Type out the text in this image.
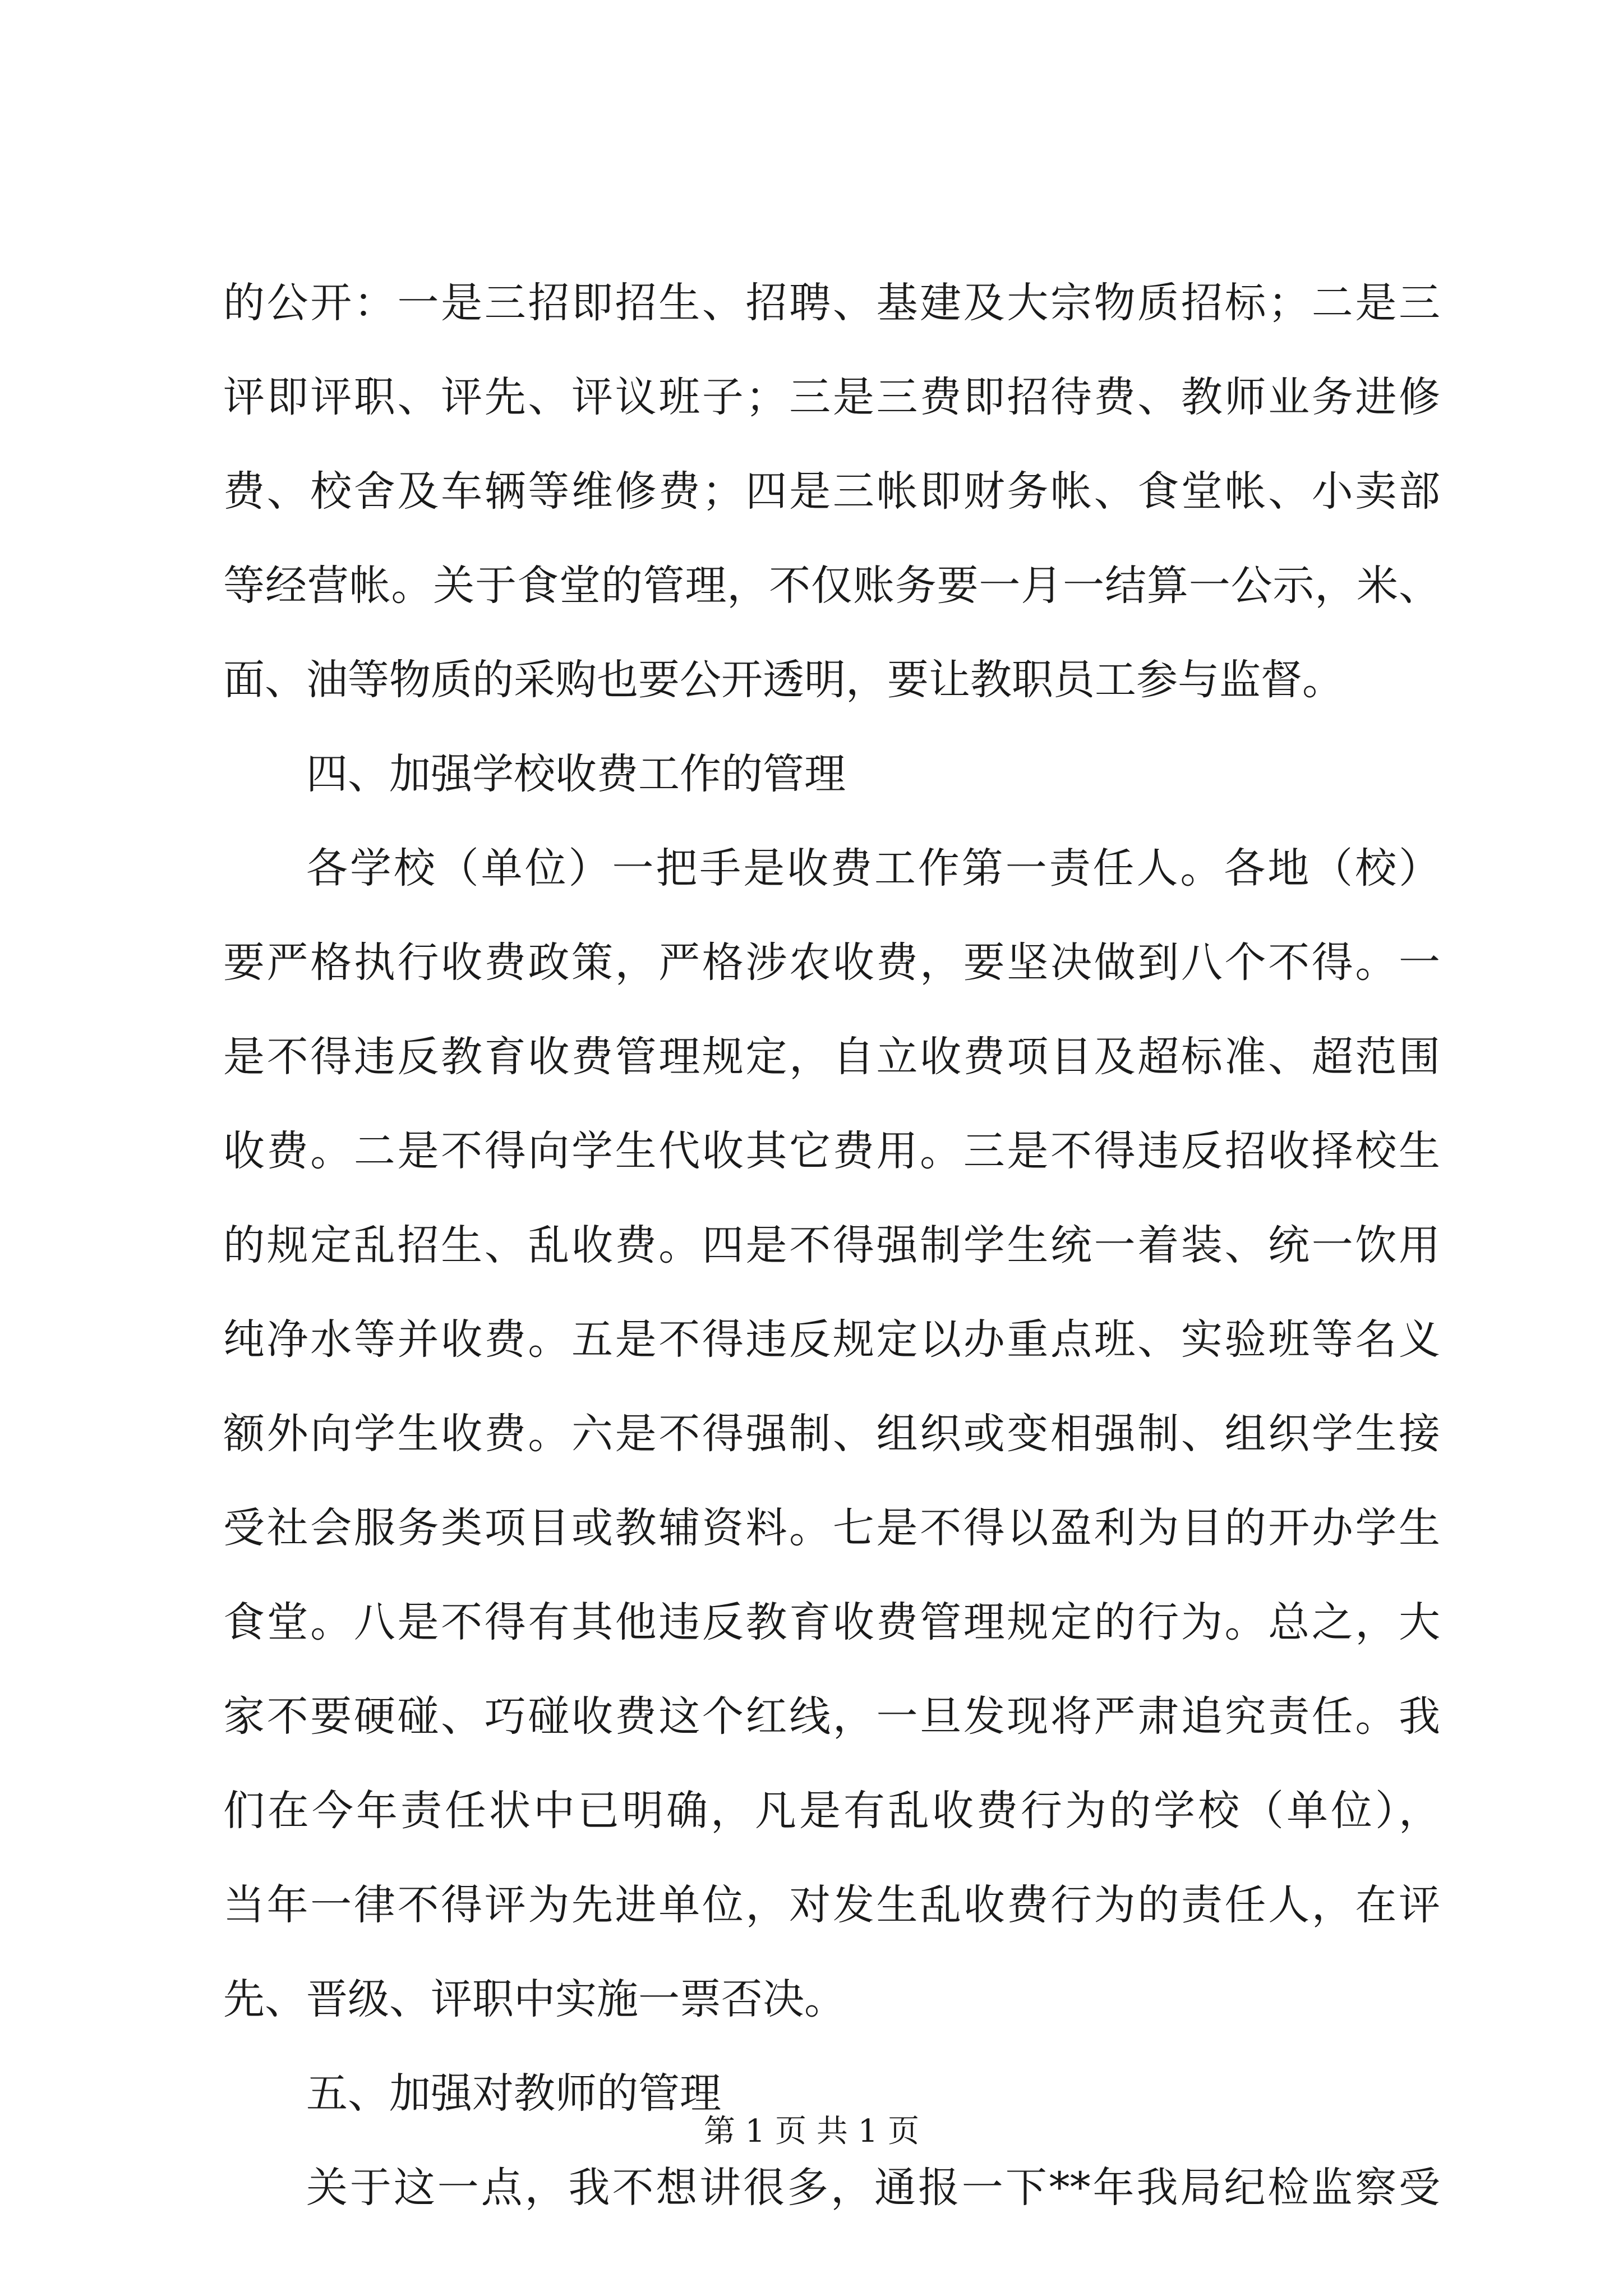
的公开：一是三招即招生、招聘、基建及大宗物质招标；二是三
评即评职、评先、评议班子；三是三费即招待费、教师业务进修
费、校舍及车辆等维修费；四是三帐即财务帐、食堂帐、小卖部
等经营帐。关于食堂的管理，不仅账务要一月一结算一公示，米、
面、油等物质的采购也要公开透明，要让教职员工参与监督。
四、加强学校收费工作的管理
各学校（单位）一把手是收费工作第一责任人。各地（校）
要严格执行收费政策，严格涉农收费，要坚决做到八个不得。一
是不得违反教育收费管理规定，自立收费项目及超标准、超范围
收费。二是不得向学生代收其它费用。三是不得违反招收择校生
的规定乱招生、乱收费。四是不得强制学生统一着装、统一饮用
纯净水等并收费。五是不得违反规定以办重点班、实验班等名义
额外向学生收费。六是不得强制、组织或变相强制、组织学生接
受社会服务类项目或教辅资料。七是不得以盈利为目的开办学生
食堂。八是不得有其他违反教育收费管理规定的行为。总之，大
家不要硬碰、巧碰收费这个红线，一旦发现将严肃追究责任。我
们在今年责任状中已明确，凡是有乱收费行为的学校（单位），
当年一律不得评为先进单位，对发生乱收费行为的责任人，在评
先、晋级、评职中实施一票否决。
五、加强对教师的管理
关于这一点，我不想讲很多，通报一下**年我局纪检监察受
第 1 页 共 1 页
